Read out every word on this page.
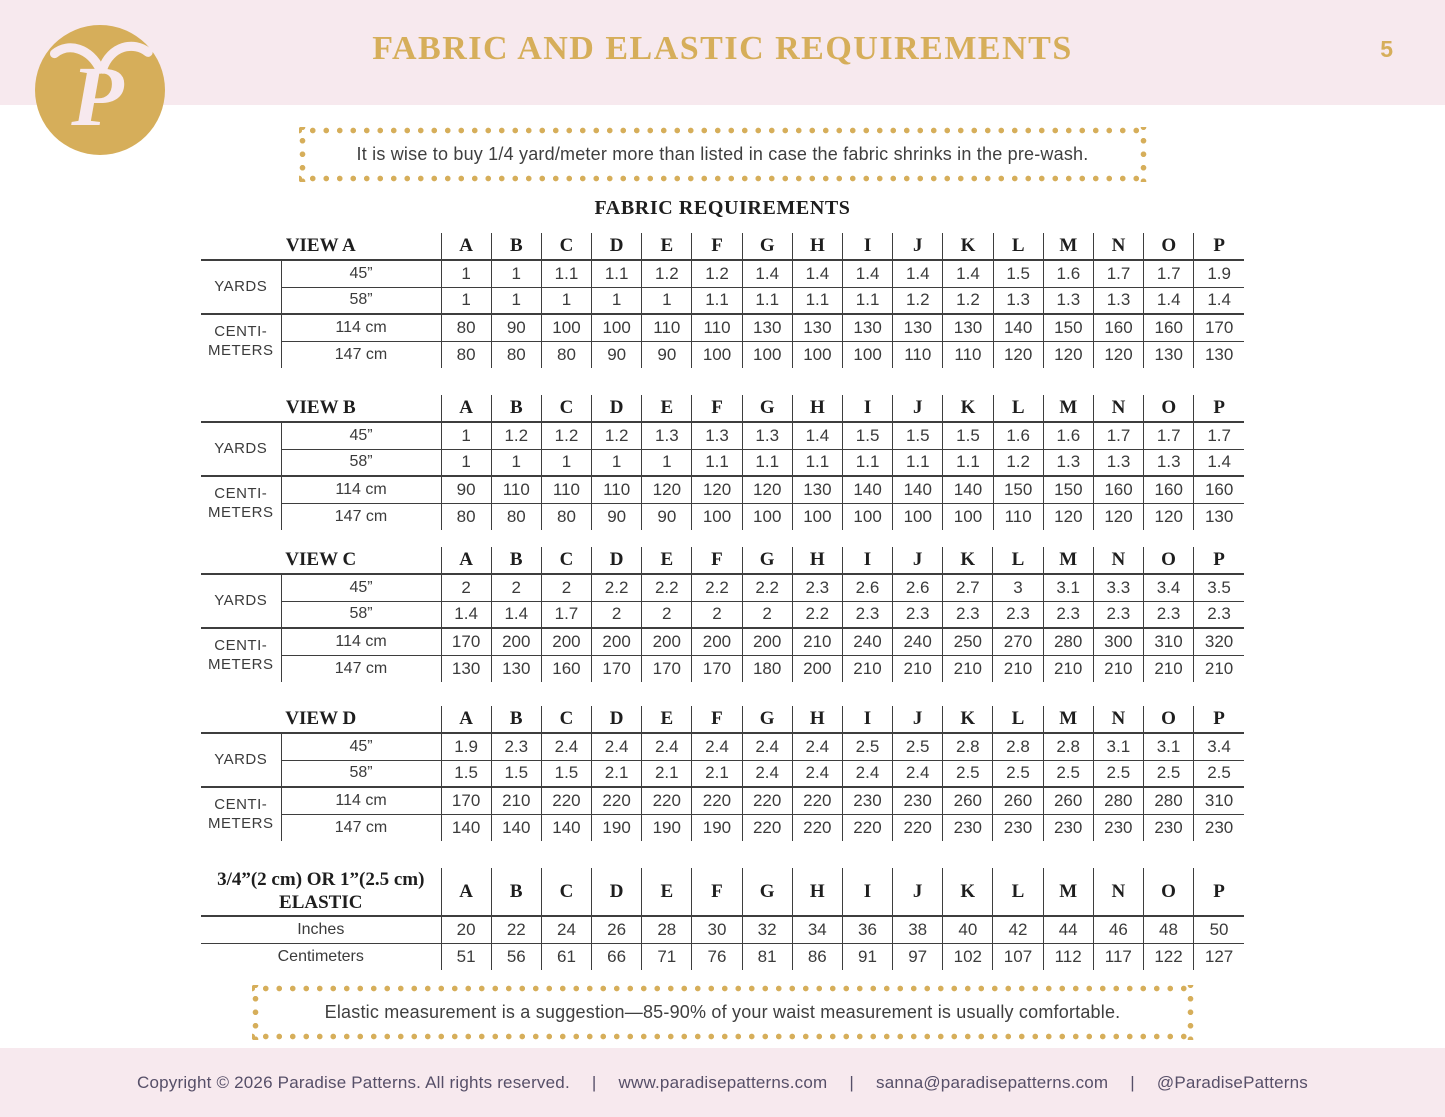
FABRIC AND ELASTIC REQUIREMENTS	5
P
It is wise to buy 1/4 yard/meter more than listed in case the fabric shrinks in the pre-wash.
FABRIC REQUIREMENTS
VIEW A		A	B	C	D	E	F	G	H	I	J	K	L	M	N	O	P

YARDS	45”	1	1	1.1	1.1	1.2	1.2	1.4	1.4	1.4	1.4	1.4	1.5	1.6	1.7	1.7	1.9
	58”	1	1	1	1	1	1.1	1.1	1.1	1.1	1.2	1.2	1.3	1.3	1.3	1.4	1.4

CENTI-
METERS	114 cm	80	90	100	100	110	110	130	130	130	130	130	140	150	160	160	170
	147 cm	80	80	80	90	90	100	100	100	100	110	110	120	120	120	130	130
VIEW B		A	B	C	D	E	F	G	H	I	J	K	L	M	N	O	P

YARDS	45”	1	1.2	1.2	1.2	1.3	1.3	1.3	1.4	1.5	1.5	1.5	1.6	1.6	1.7	1.7	1.7
	58”	1	1	1	1	1	1.1	1.1	1.1	1.1	1.1	1.1	1.2	1.3	1.3	1.3	1.4

CENTI-
METERS	114 cm	90	110	110	110	120	120	120	130	140	140	140	150	150	160	160	160
	147 cm	80	80	80	90	90	100	100	100	100	100	100	110	120	120	120	130
VIEW C		A	B	C	D	E	F	G	H	I	J	K	L	M	N	O	P

YARDS	45”	2	2	2	2.2	2.2	2.2	2.2	2.3	2.6	2.6	2.7	3	3.1	3.3	3.4	3.5
	58”	1.4	1.4	1.7	2	2	2	2	2.2	2.3	2.3	2.3	2.3	2.3	2.3	2.3	2.3

CENTI-
METERS	114 cm	170	200	200	200	200	200	200	210	240	240	250	270	280	300	310	320
	147 cm	130	130	160	170	170	170	180	200	210	210	210	210	210	210	210	210
VIEW D		A	B	C	D	E	F	G	H	I	J	K	L	M	N	O	P

YARDS	45”	1.9	2.3	2.4	2.4	2.4	2.4	2.4	2.4	2.5	2.5	2.8	2.8	2.8	3.1	3.1	3.4
	58”	1.5	1.5	1.5	2.1	2.1	2.1	2.4	2.4	2.4	2.4	2.5	2.5	2.5	2.5	2.5	2.5

CENTI-
METERS	114 cm	170	210	220	220	220	220	220	220	230	230	260	260	260	280	280	310
	147 cm	140	140	140	190	190	190	220	220	220	220	230	230	230	230	230	230
3/4”(2 cm) OR 1”(2.5 cm)
ELASTIC	A	B	C	D	E	F	G	H	I	J	K	L	M	N	O	P
Inches	20	22	24	26	28	30	32	34	36	38	40	42	44	46	48	50
Centimeters	51	56	61	66	71	76	81	86	91	97	102	107	112	117	122	127
Elastic measurement is a suggestion—85-90% of your waist measurement is usually comfortable.
Copyright © 2026 Paradise Patterns. All rights reserved. | www.paradisepatterns.com | sanna@paradisepatterns.com | @ParadisePatterns
